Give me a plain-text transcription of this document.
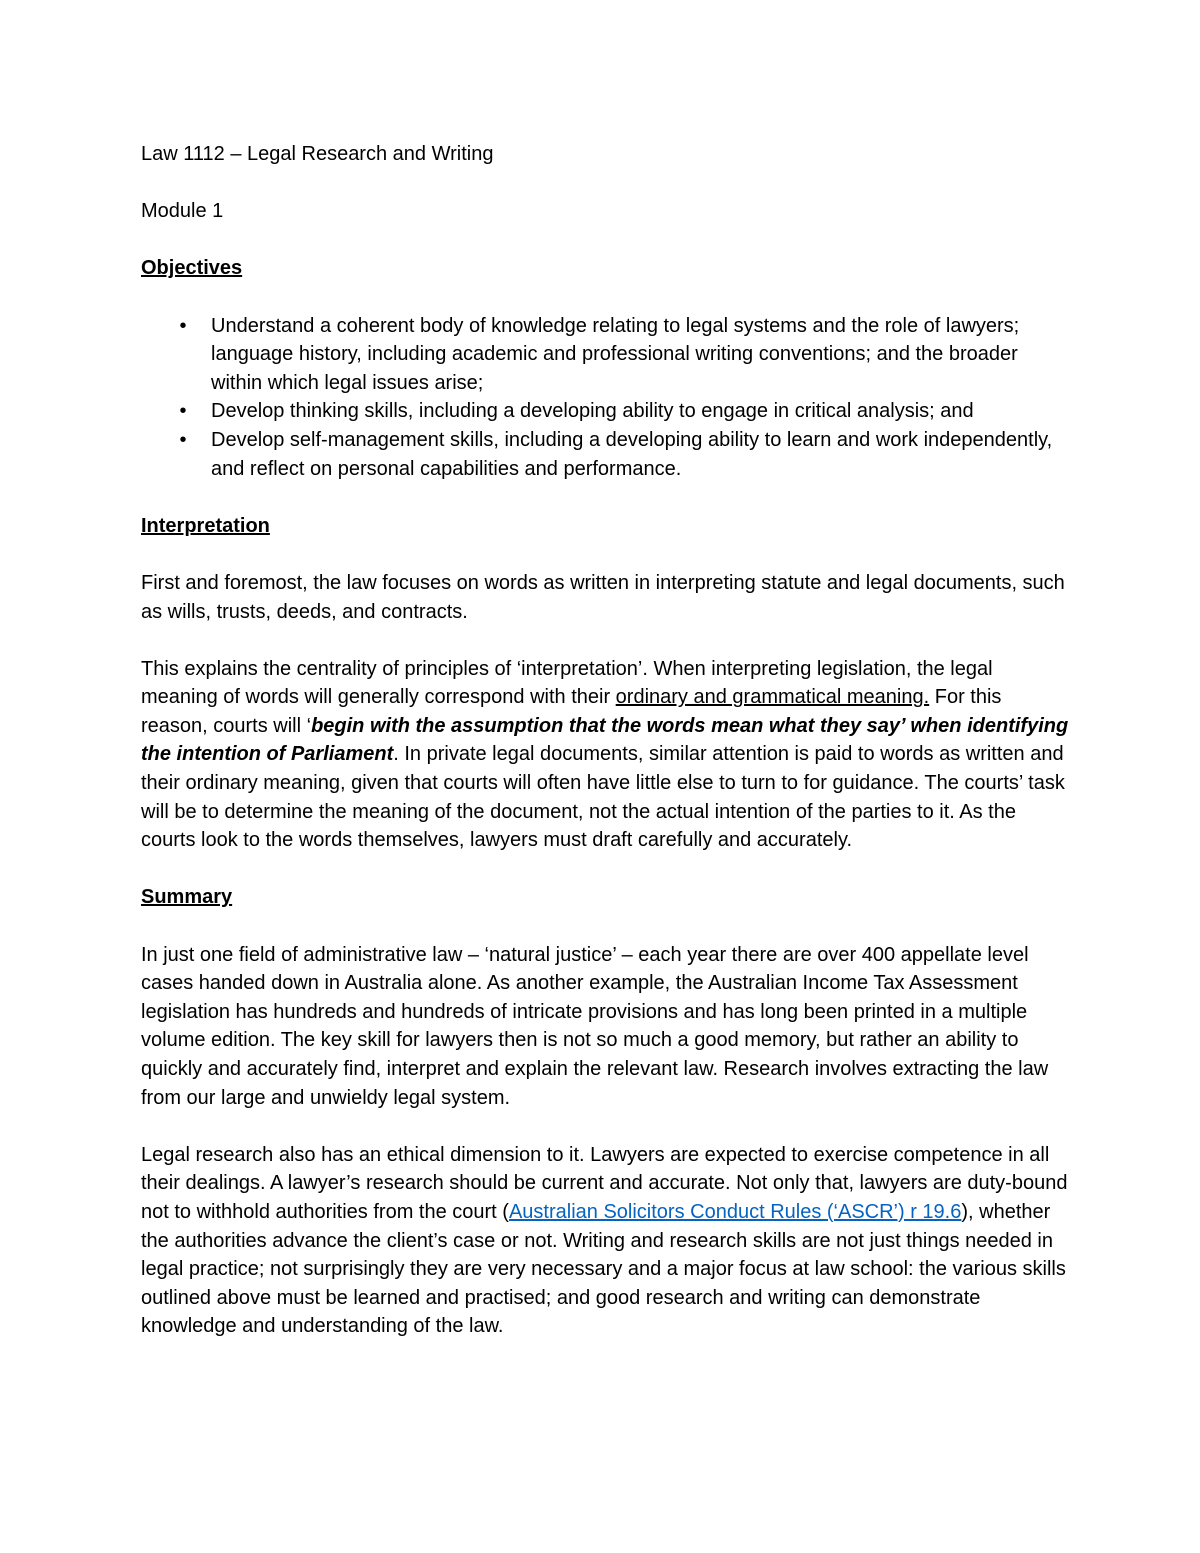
Law 1112 – Legal Research and Writing

Module 1

Objectives

•	Understand a coherent body of knowledge relating to legal systems and the role of lawyers; language history, including academic and professional writing conventions; and the broader within which legal issues arise;
•	Develop thinking skills, including a developing ability to engage in critical analysis; and
•	Develop self-management skills, including a developing ability to learn and work independently, and reflect on personal capabilities and performance.

Interpretation

First and foremost, the law focuses on words as written in interpreting statute and legal documents, such as wills, trusts, deeds, and contracts.

This explains the centrality of principles of ‘interpretation’. When interpreting legislation, the legal meaning of words will generally correspond with their ordinary and grammatical meaning. For this reason, courts will ‘begin with the assumption that the words mean what they say’ when identifying the intention of Parliament. In private legal documents, similar attention is paid to words as written and their ordinary meaning, given that courts will often have little else to turn to for guidance. The courts’ task will be to determine the meaning of the document, not the actual intention of the parties to it. As the courts look to the words themselves, lawyers must draft carefully and accurately.

Summary

In just one field of administrative law – ‘natural justice’ – each year there are over 400 appellate level cases handed down in Australia alone. As another example, the Australian Income Tax Assessment legislation has hundreds and hundreds of intricate provisions and has long been printed in a multiple volume edition. The key skill for lawyers then is not so much a good memory, but rather an ability to quickly and accurately find, interpret and explain the relevant law. Research involves extracting the law from our large and unwieldy legal system.

Legal research also has an ethical dimension to it. Lawyers are expected to exercise competence in all their dealings. A lawyer’s research should be current and accurate. Not only that, lawyers are duty-bound not to withhold authorities from the court (Australian Solicitors Conduct Rules (‘ASCR’) r 19.6), whether the authorities advance the client’s case or not. Writing and research skills are not just things needed in legal practice; not surprisingly they are very necessary and a major focus at law school: the various skills outlined above must be learned and practised; and good research and writing can demonstrate knowledge and understanding of the law.
